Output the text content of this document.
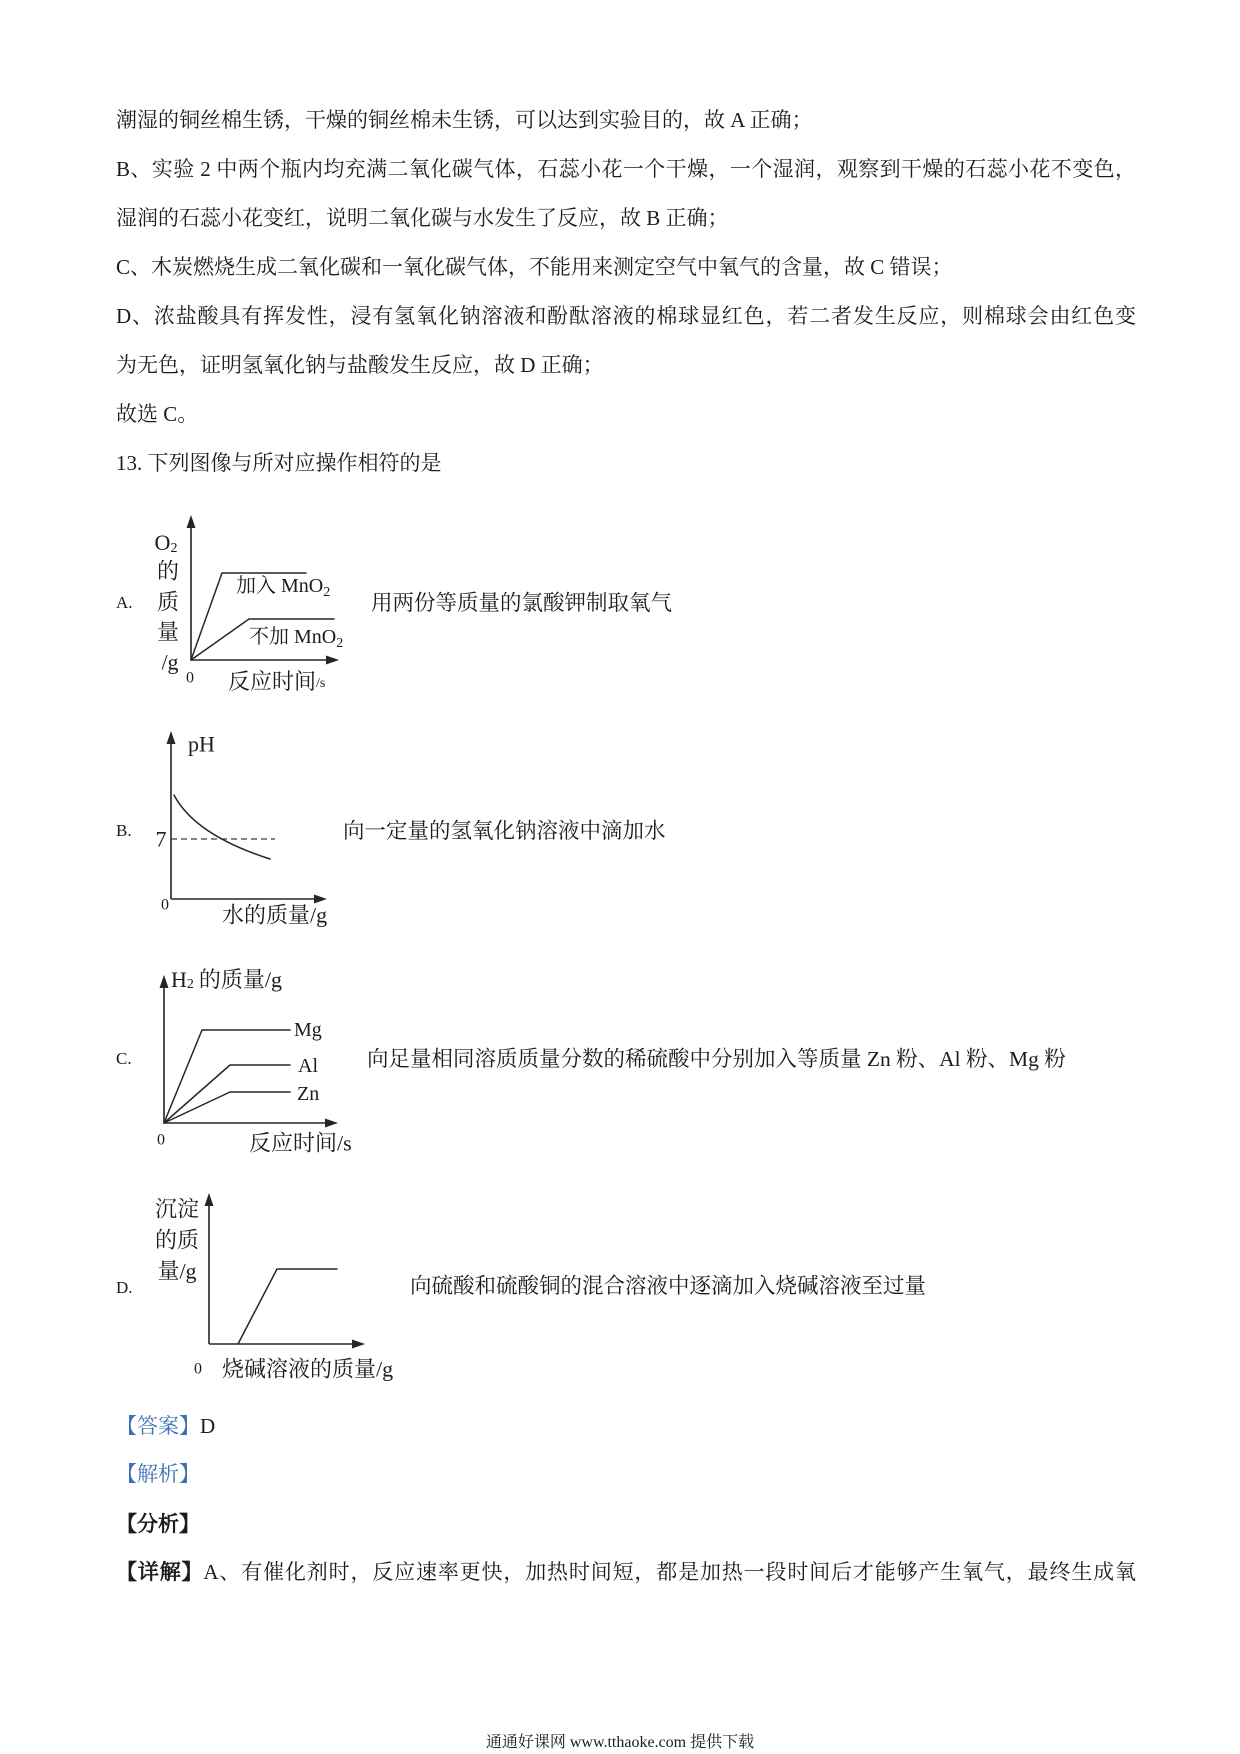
潮湿的铜丝棉生锈，干燥的铜丝棉未生锈，可以达到实验目的，故 A 正确；
B、实验 2 中两个瓶内均充满二氧化碳气体，石蕊小花一个干燥，一个湿润，观察到干燥的石蕊小花不变色，
湿润的石蕊小花变红，说明二氧化碳与水发生了反应，故 B 正确；
C、木炭燃烧生成二氧化碳和一氧化碳气体，不能用来测定空气中氧气的含量，故 C 错误；
D、浓盐酸具有挥发性，浸有氢氧化钠溶液和酚酞溶液的棉球显红色，若二者发生反应，则棉球会由红色变
为无色，证明氢氧化钠与盐酸发生反应，故 D 正确；
故选 C。
13. 下列图像与所对应操作相符的是
A.
B.
C.
D.
用两份等质量的氯酸钾制取氧气
向一定量的氢氧化钠溶液中滴加水
向足量相同溶质质量分数的稀硫酸中分别加入等质量 Zn 粉、Al 粉、Mg 粉
向硫酸和硫酸铜的混合溶液中逐滴加入烧碱溶液至过量
$O_2$
的
质
量
/g
0 反应时间/s
加入 MnO$_2$
不加 MnO$_2$
pH
7
0 水的质量/g
$H_2$ 的质量/g
Mg
Al
Zn
0	反应时间/s
沉淀
的质
量/g
0 烧碱溶液的质量/g
【答案】D
【解析】
【分析】
【详解】A、有催化剂时，反应速率更快，加热时间短，都是加热一段时间后才能够产生氧气，最终生成氧
通通好课网 www.tthaoke.com 提供下载
